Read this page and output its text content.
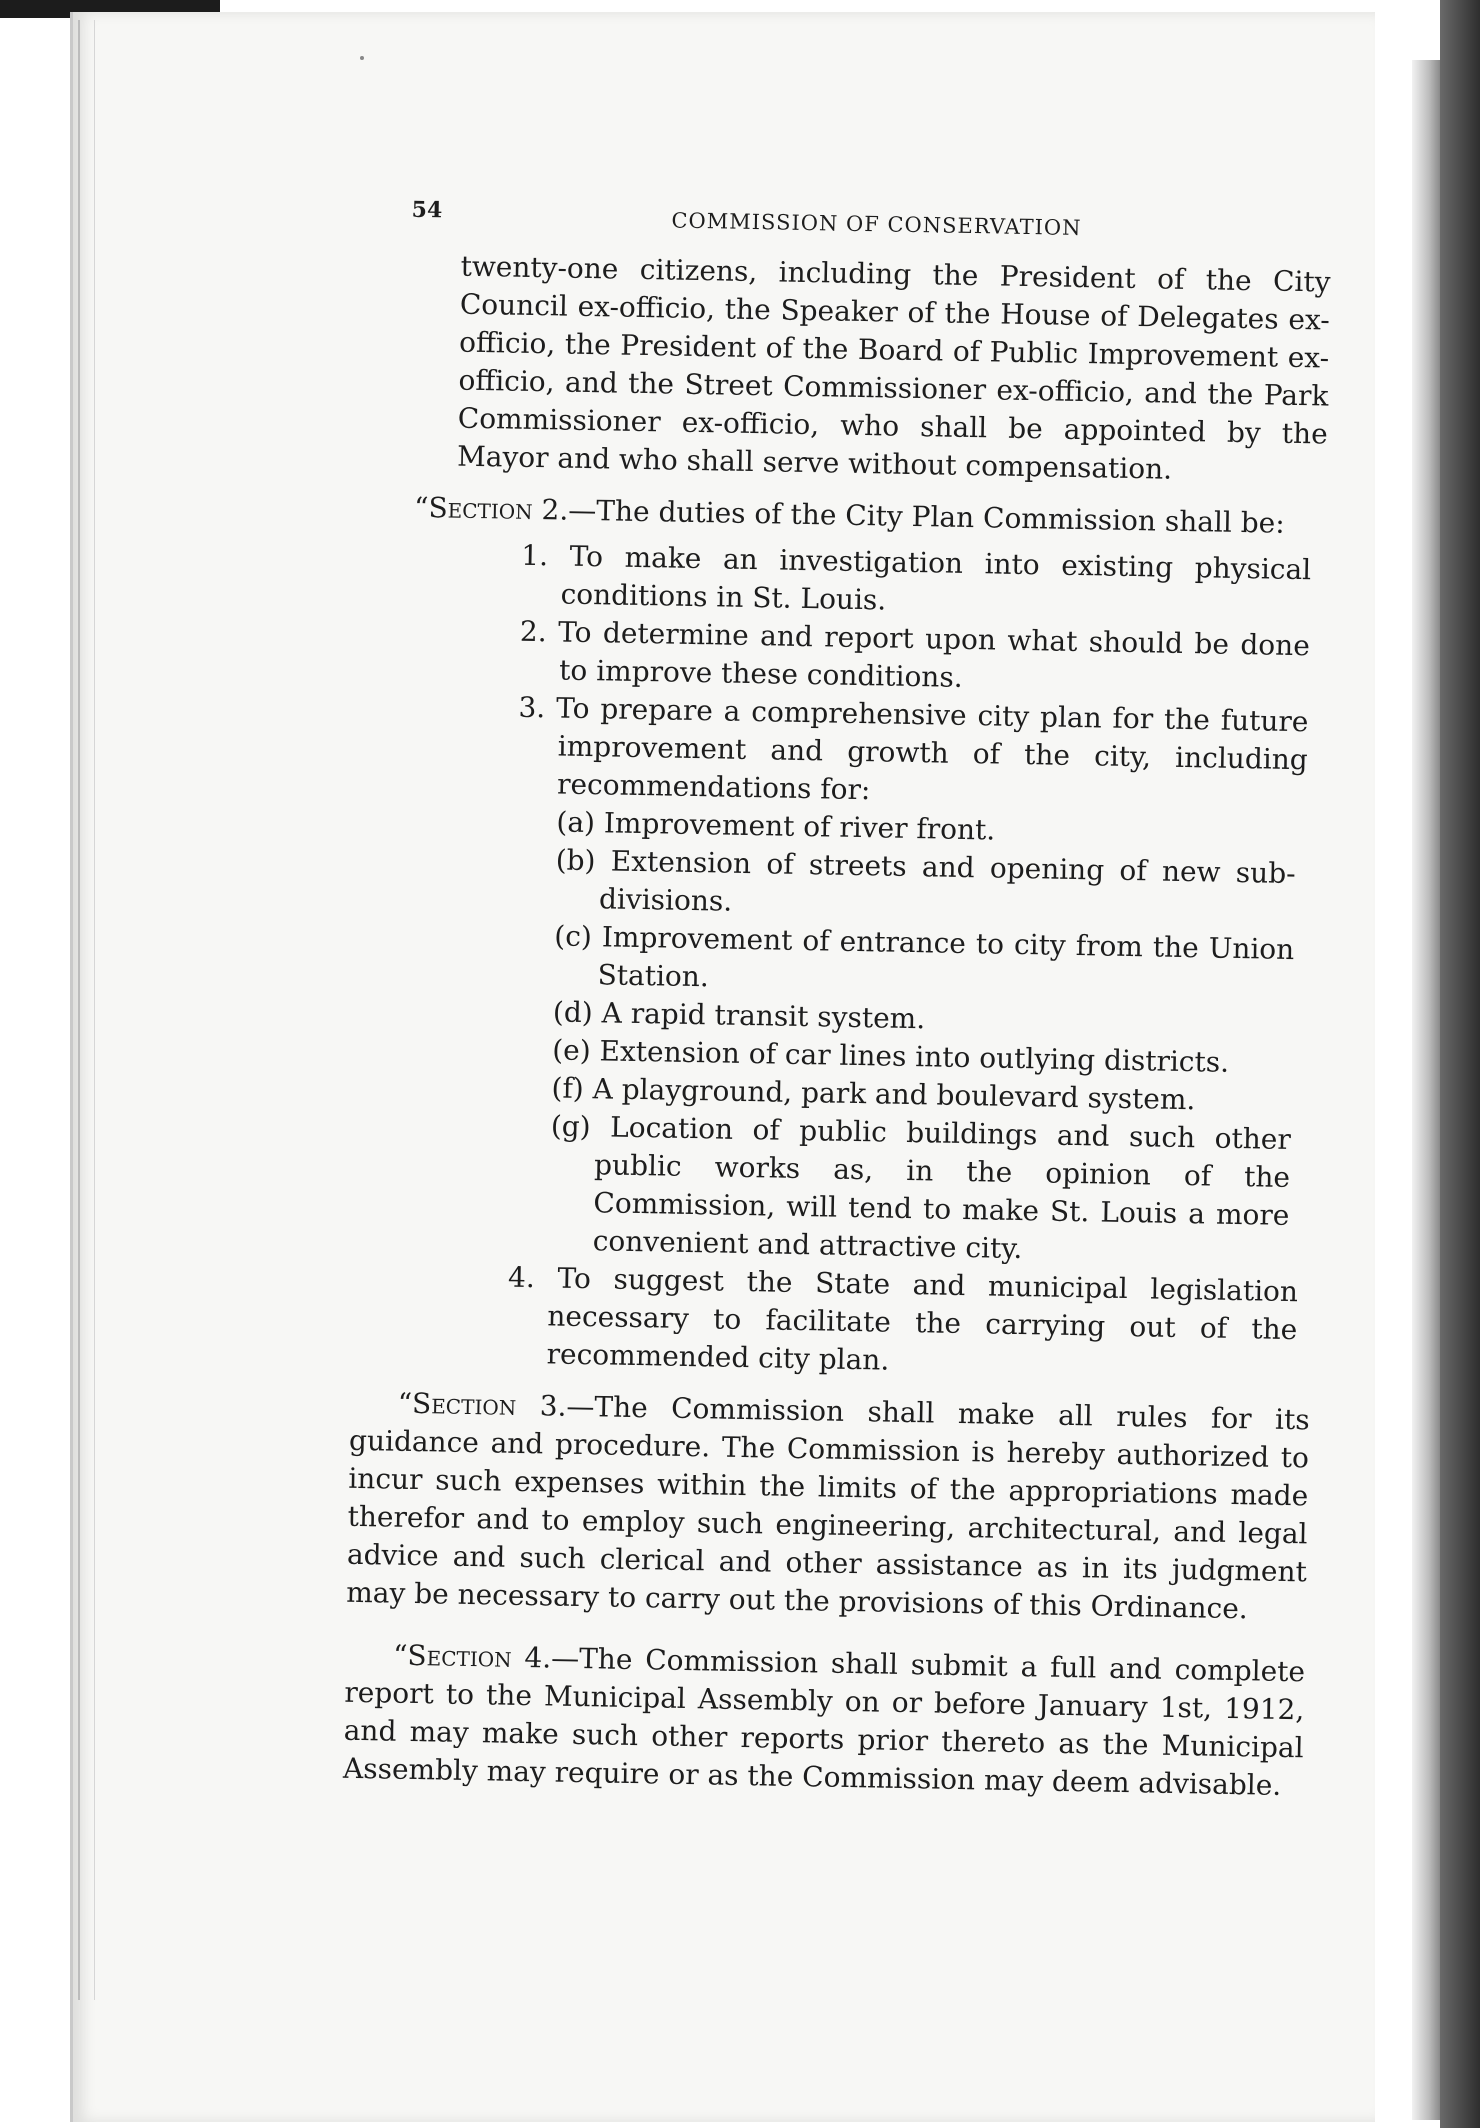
54	COMMISSION OF CONSERVATION

twenty-one citizens, including the President of the City Council ex-officio, the Speaker of the House of Delegates ex-officio, the President of the Board of Public Improvement ex-officio, and the Street Commissioner ex-officio, and the Park Commissioner ex-officio, who shall be appointed by the Mayor and who shall serve without compensation.

“Section 2.—The duties of the City Plan Commission shall be:

1. To make an investigation into existing physical conditions in St. Louis.

2. To determine and report upon what should be done to improve these conditions.

3. To prepare a comprehensive city plan for the future improvement and growth of the city, including recommendations for:

(a) Improvement of river front.

(b) Extension of streets and opening of new sub-divisions.

(c) Improvement of entrance to city from the Union Station.

(d) A rapid transit system.

(e) Extension of car lines into outlying districts.

(f) A playground, park and boulevard system.

(g) Location of public buildings and such other public works as, in the opinion of the Commission, will tend to make St. Louis a more convenient and attractive city.

4. To suggest the State and municipal legislation necessary to facilitate the carrying out of the recommended city plan.

“Section 3.—The Commission shall make all rules for its guidance and procedure. The Commission is hereby authorized to incur such expenses within the limits of the appropriations made therefor and to employ such engineering, architectural, and legal advice and such clerical and other assistance as in its judgment may be necessary to carry out the provisions of this Ordinance.

“Section 4.—The Commission shall submit a full and complete report to the Municipal Assembly on or before January 1st, 1912, and may make such other reports prior thereto as the Municipal Assembly may require or as the Commission may deem advisable.
